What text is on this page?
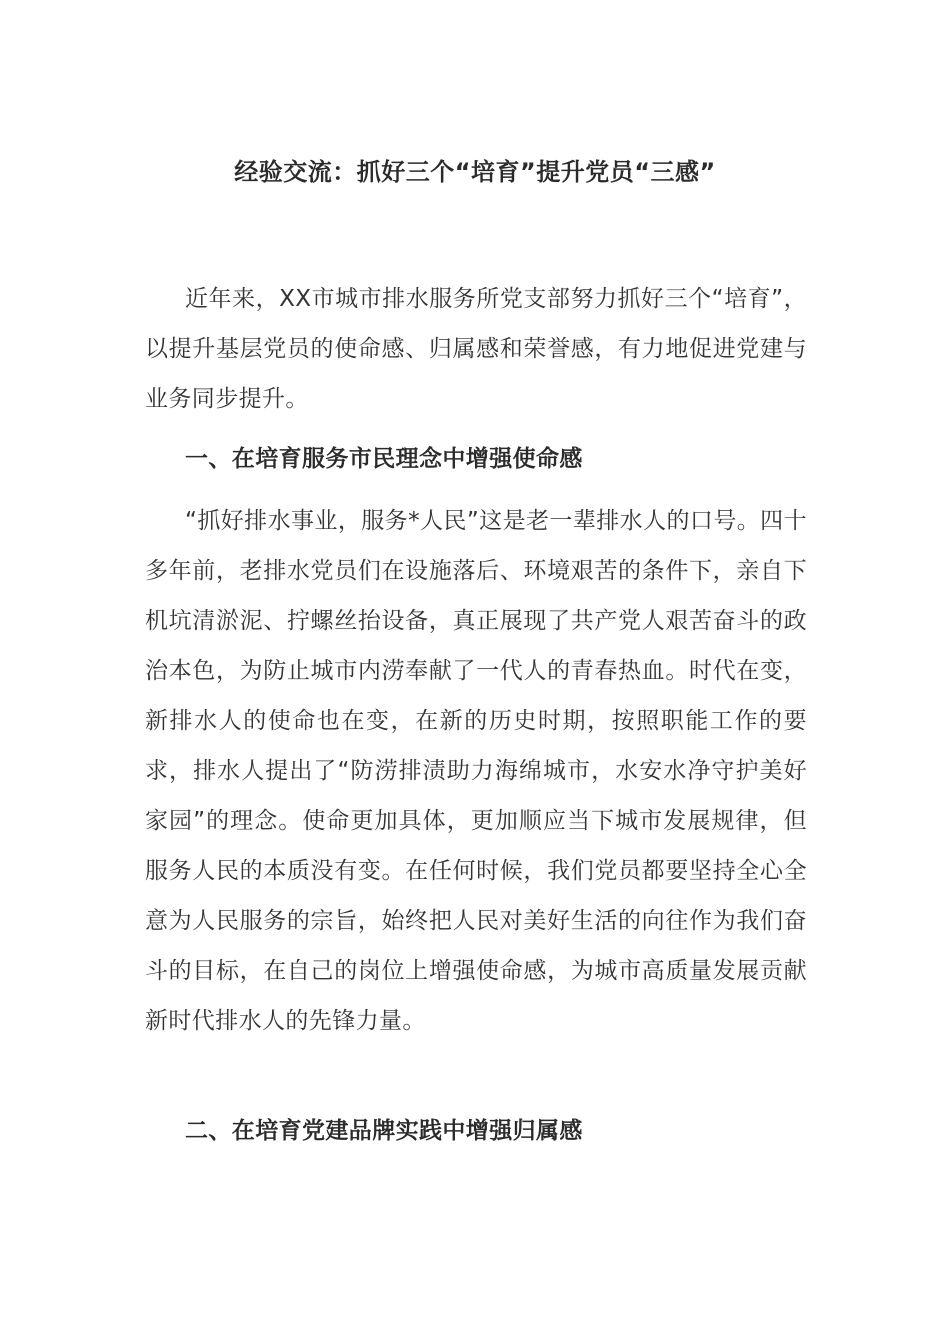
经验交流：抓好三个“培育”提升党员“三感”

近年来，XX市城市排水服务所党支部努力抓好三个“培育”，以提升基层党员的使命感、归属感和荣誉感，有力地促进党建与业务同步提升。

一、在培育服务市民理念中增强使命感

“抓好排水事业，服务*人民”这是老一辈排水人的口号。四十多年前，老排水党员们在设施落后、环境艰苦的条件下，亲自下机坑清淤泥、拧螺丝抬设备，真正展现了共产党人艰苦奋斗的政治本色，为防止城市内涝奉献了一代人的青春热血。时代在变，新排水人的使命也在变，在新的历史时期，按照职能工作的要求，排水人提出了“防涝排渍助力海绵城市，水安水净守护美好家园”的理念。使命更加具体，更加顺应当下城市发展规律，但服务人民的本质没有变。在任何时候，我们党员都要坚持全心全意为人民服务的宗旨，始终把人民对美好生活的向往作为我们奋斗的目标，在自己的岗位上增强使命感，为城市高质量发展贡献新时代排水人的先锋力量。

二、在培育党建品牌实践中增强归属感
